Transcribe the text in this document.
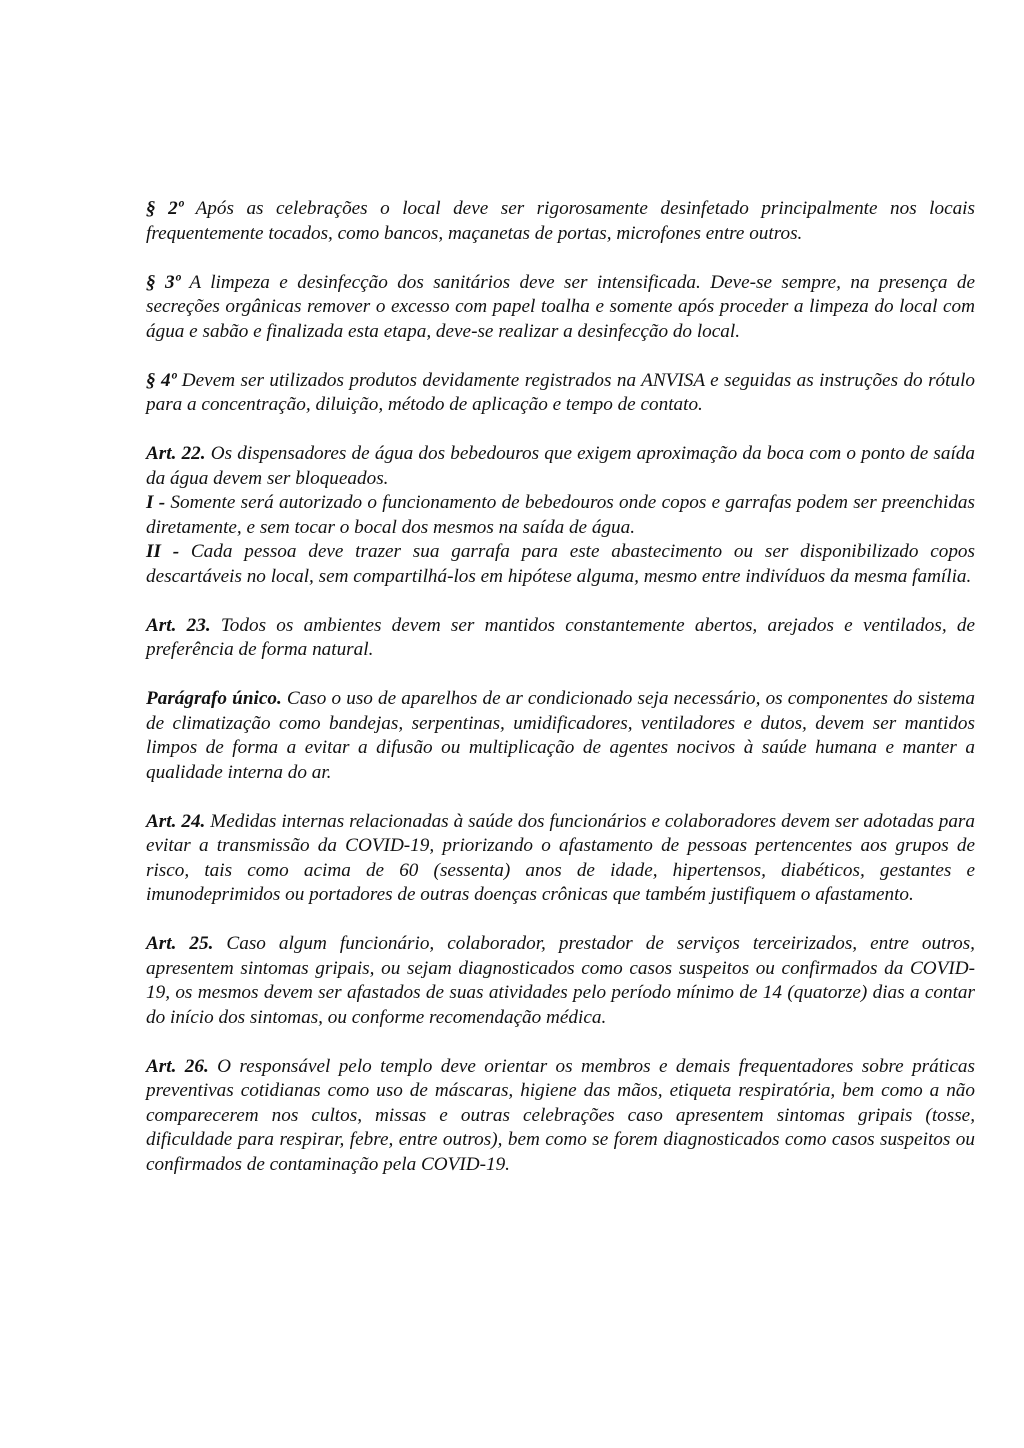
§ 2º Após as celebrações o local deve ser rigorosamente desinfetado principalmente nos locais frequentemente tocados, como bancos, maçanetas de portas, microfones entre outros.

§ 3º A limpeza e desinfecção dos sanitários deve ser intensificada. Deve-se sempre, na presença de secreções orgânicas remover o excesso com papel toalha e somente após proceder a limpeza do local com água e sabão e finalizada esta etapa, deve-se realizar a desinfecção do local.

§ 4º Devem ser utilizados produtos devidamente registrados na ANVISA e seguidas as instruções do rótulo para a concentração, diluição, método de aplicação e tempo de contato.

Art. 22. Os dispensadores de água dos bebedouros que exigem aproximação da boca com o ponto de saída da água devem ser bloqueados.

I - Somente será autorizado o funcionamento de bebedouros onde copos e garrafas podem ser preenchidas diretamente, e sem tocar o bocal dos mesmos na saída de água.

II - Cada pessoa deve trazer sua garrafa para este abastecimento ou ser disponibilizado copos descartáveis no local, sem compartilhá-los em hipótese alguma, mesmo entre indivíduos da mesma família.

Art. 23. Todos os ambientes devem ser mantidos constantemente abertos, arejados e ventilados, de preferência de forma natural.

Parágrafo único. Caso o uso de aparelhos de ar condicionado seja necessário, os componentes do sistema de climatização como bandejas, serpentinas, umidificadores, ventiladores e dutos, devem ser mantidos limpos de forma a evitar a difusão ou multiplicação de agentes nocivos à saúde humana e manter a qualidade interna do ar.

Art. 24. Medidas internas relacionadas à saúde dos funcionários e colaboradores devem ser adotadas para evitar a transmissão da COVID-19, priorizando o afastamento de pessoas pertencentes aos grupos de risco, tais como acima de 60 (sessenta) anos de idade, hipertensos, diabéticos, gestantes e imunodeprimidos ou portadores de outras doenças crônicas que também justifiquem o afastamento.

Art. 25. Caso algum funcionário, colaborador, prestador de serviços terceirizados, entre outros, apresentem sintomas gripais, ou sejam diagnosticados como casos suspeitos ou confirmados da COVID-19, os mesmos devem ser afastados de suas atividades pelo período mínimo de 14 (quatorze) dias a contar do início dos sintomas, ou conforme recomendação médica.

Art. 26. O responsável pelo templo deve orientar os membros e demais frequentadores sobre práticas preventivas cotidianas como uso de máscaras, higiene das mãos, etiqueta respiratória, bem como a não comparecerem nos cultos, missas e outras celebrações caso apresentem sintomas gripais (tosse, dificuldade para respirar, febre, entre outros), bem como se forem diagnosticados como casos suspeitos ou confirmados de contaminação pela COVID-19.
